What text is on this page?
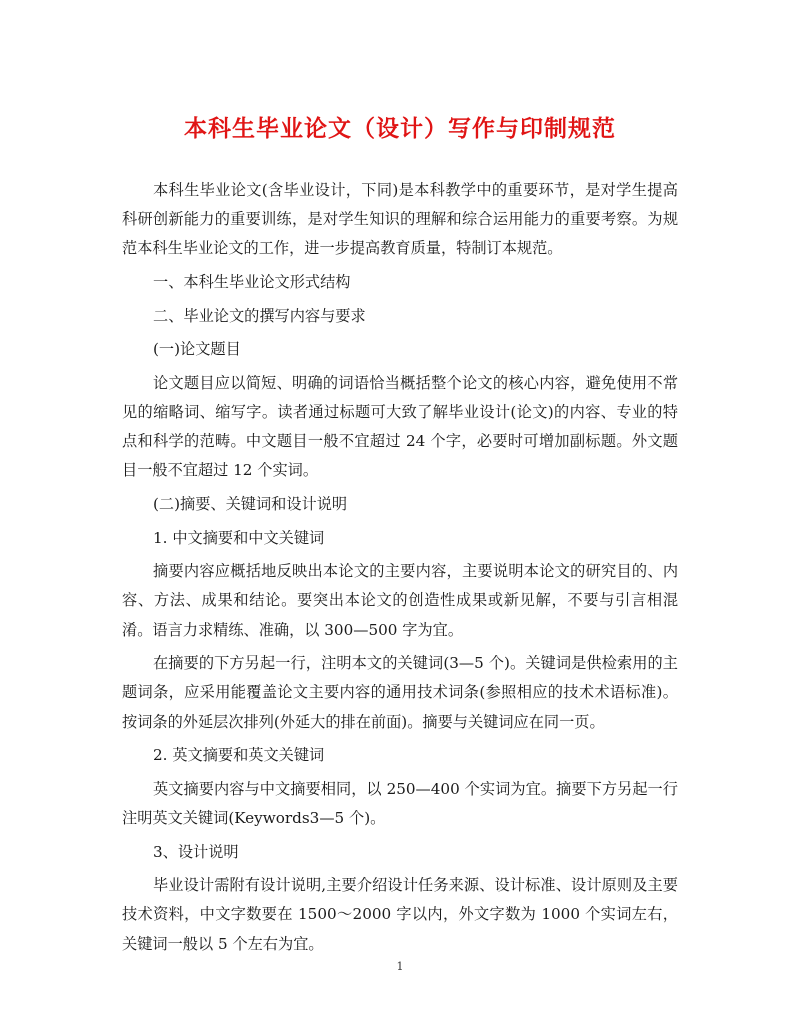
本科生毕业论文（设计）写作与印制规范

本科生毕业论文(含毕业设计，下同)是本科教学中的重要环节，是对学生提高科研创新能力的重要训练，是对学生知识的理解和综合运用能力的重要考察。为规范本科生毕业论文的工作，进一步提高教育质量，特制订本规范。

一、本科生毕业论文形式结构

二、毕业论文的撰写内容与要求

(一)论文题目

论文题目应以简短、明确的词语恰当概括整个论文的核心内容，避免使用不常见的缩略词、缩写字。读者通过标题可大致了解毕业设计(论文)的内容、专业的特点和科学的范畴。中文题目一般不宜超过 24 个字，必要时可增加副标题。外文题目一般不宜超过 12 个实词。

(二)摘要、关键词和设计说明

1. 中文摘要和中文关键词

摘要内容应概括地反映出本论文的主要内容，主要说明本论文的研究目的、内容、方法、成果和结论。要突出本论文的创造性成果或新见解，不要与引言相混淆。语言力求精练、准确，以 300—500 字为宜。

在摘要的下方另起一行，注明本文的关键词(3—5 个)。关键词是供检索用的主题词条，应采用能覆盖论文主要内容的通用技术词条(参照相应的技术术语标准)。按词条的外延层次排列(外延大的排在前面)。摘要与关键词应在同一页。

2. 英文摘要和英文关键词

英文摘要内容与中文摘要相同，以 250—400 个实词为宜。摘要下方另起一行注明英文关键词(Keywords3—5 个)。

3、设计说明

毕业设计需附有设计说明,主要介绍设计任务来源、设计标准、设计原则及主要技术资料，中文字数要在 1500～2000 字以内，外文字数为 1000 个实词左右，关键词一般以 5 个左右为宜。

1
